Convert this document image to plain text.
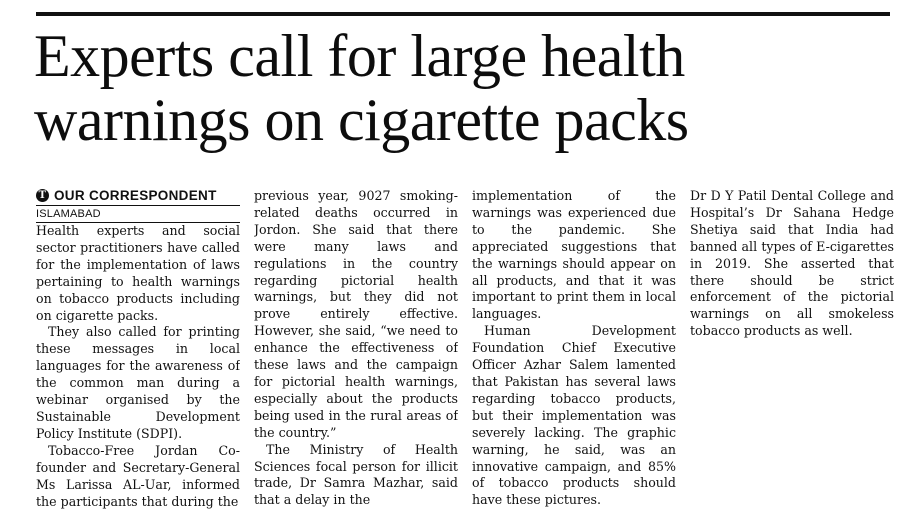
Experts call for large health
warnings on cigarette packs
T OUR CORRESPONDENT
ISLAMABAD

Health experts and social sector practitioners have called for the implementation of laws pertaining to health warnings on tobacco products including on cigarette packs.

They also called for printing these messages in local languages for the awareness of the common man during a webinar organised by the Sustainable Development Policy Institute (SDPI).

Tobacco-Free Jordan Co-founder and Secretary-General Ms Larissa AL-Uar, informed the participants that during the

previous year, 9027 smoking-related deaths occurred in Jordon. She said that there were many laws and regulations in the country regarding pictorial health warnings, but they did not prove entirely effective. However, she said, “we need to enhance the effectiveness of these laws and the campaign for pictorial health warnings, especially about the products being used in the rural areas of the country.”

The Ministry of Health Sciences focal person for illicit trade, Dr Samra Mazhar, said that a delay in the

implementation of the warnings was experienced due to the pandemic. She appreciated suggestions that the warnings should appear on all products, and that it was important to print them in local languages.

Human Development Foundation Chief Executive Officer Azhar Salem lamented that Pakistan has several laws regarding tobacco products, but their implementation was severely lacking. The graphic warning, he said, was an innovative campaign, and 85% of tobacco products should have these pictures.

Dr D Y Patil Dental College and Hospital’s Dr Sahana Hedge Shetiya said that India had banned all types of E-cigarettes in 2019. She asserted that there should be strict enforcement of the pictorial warnings on all smokeless tobacco products as well.
